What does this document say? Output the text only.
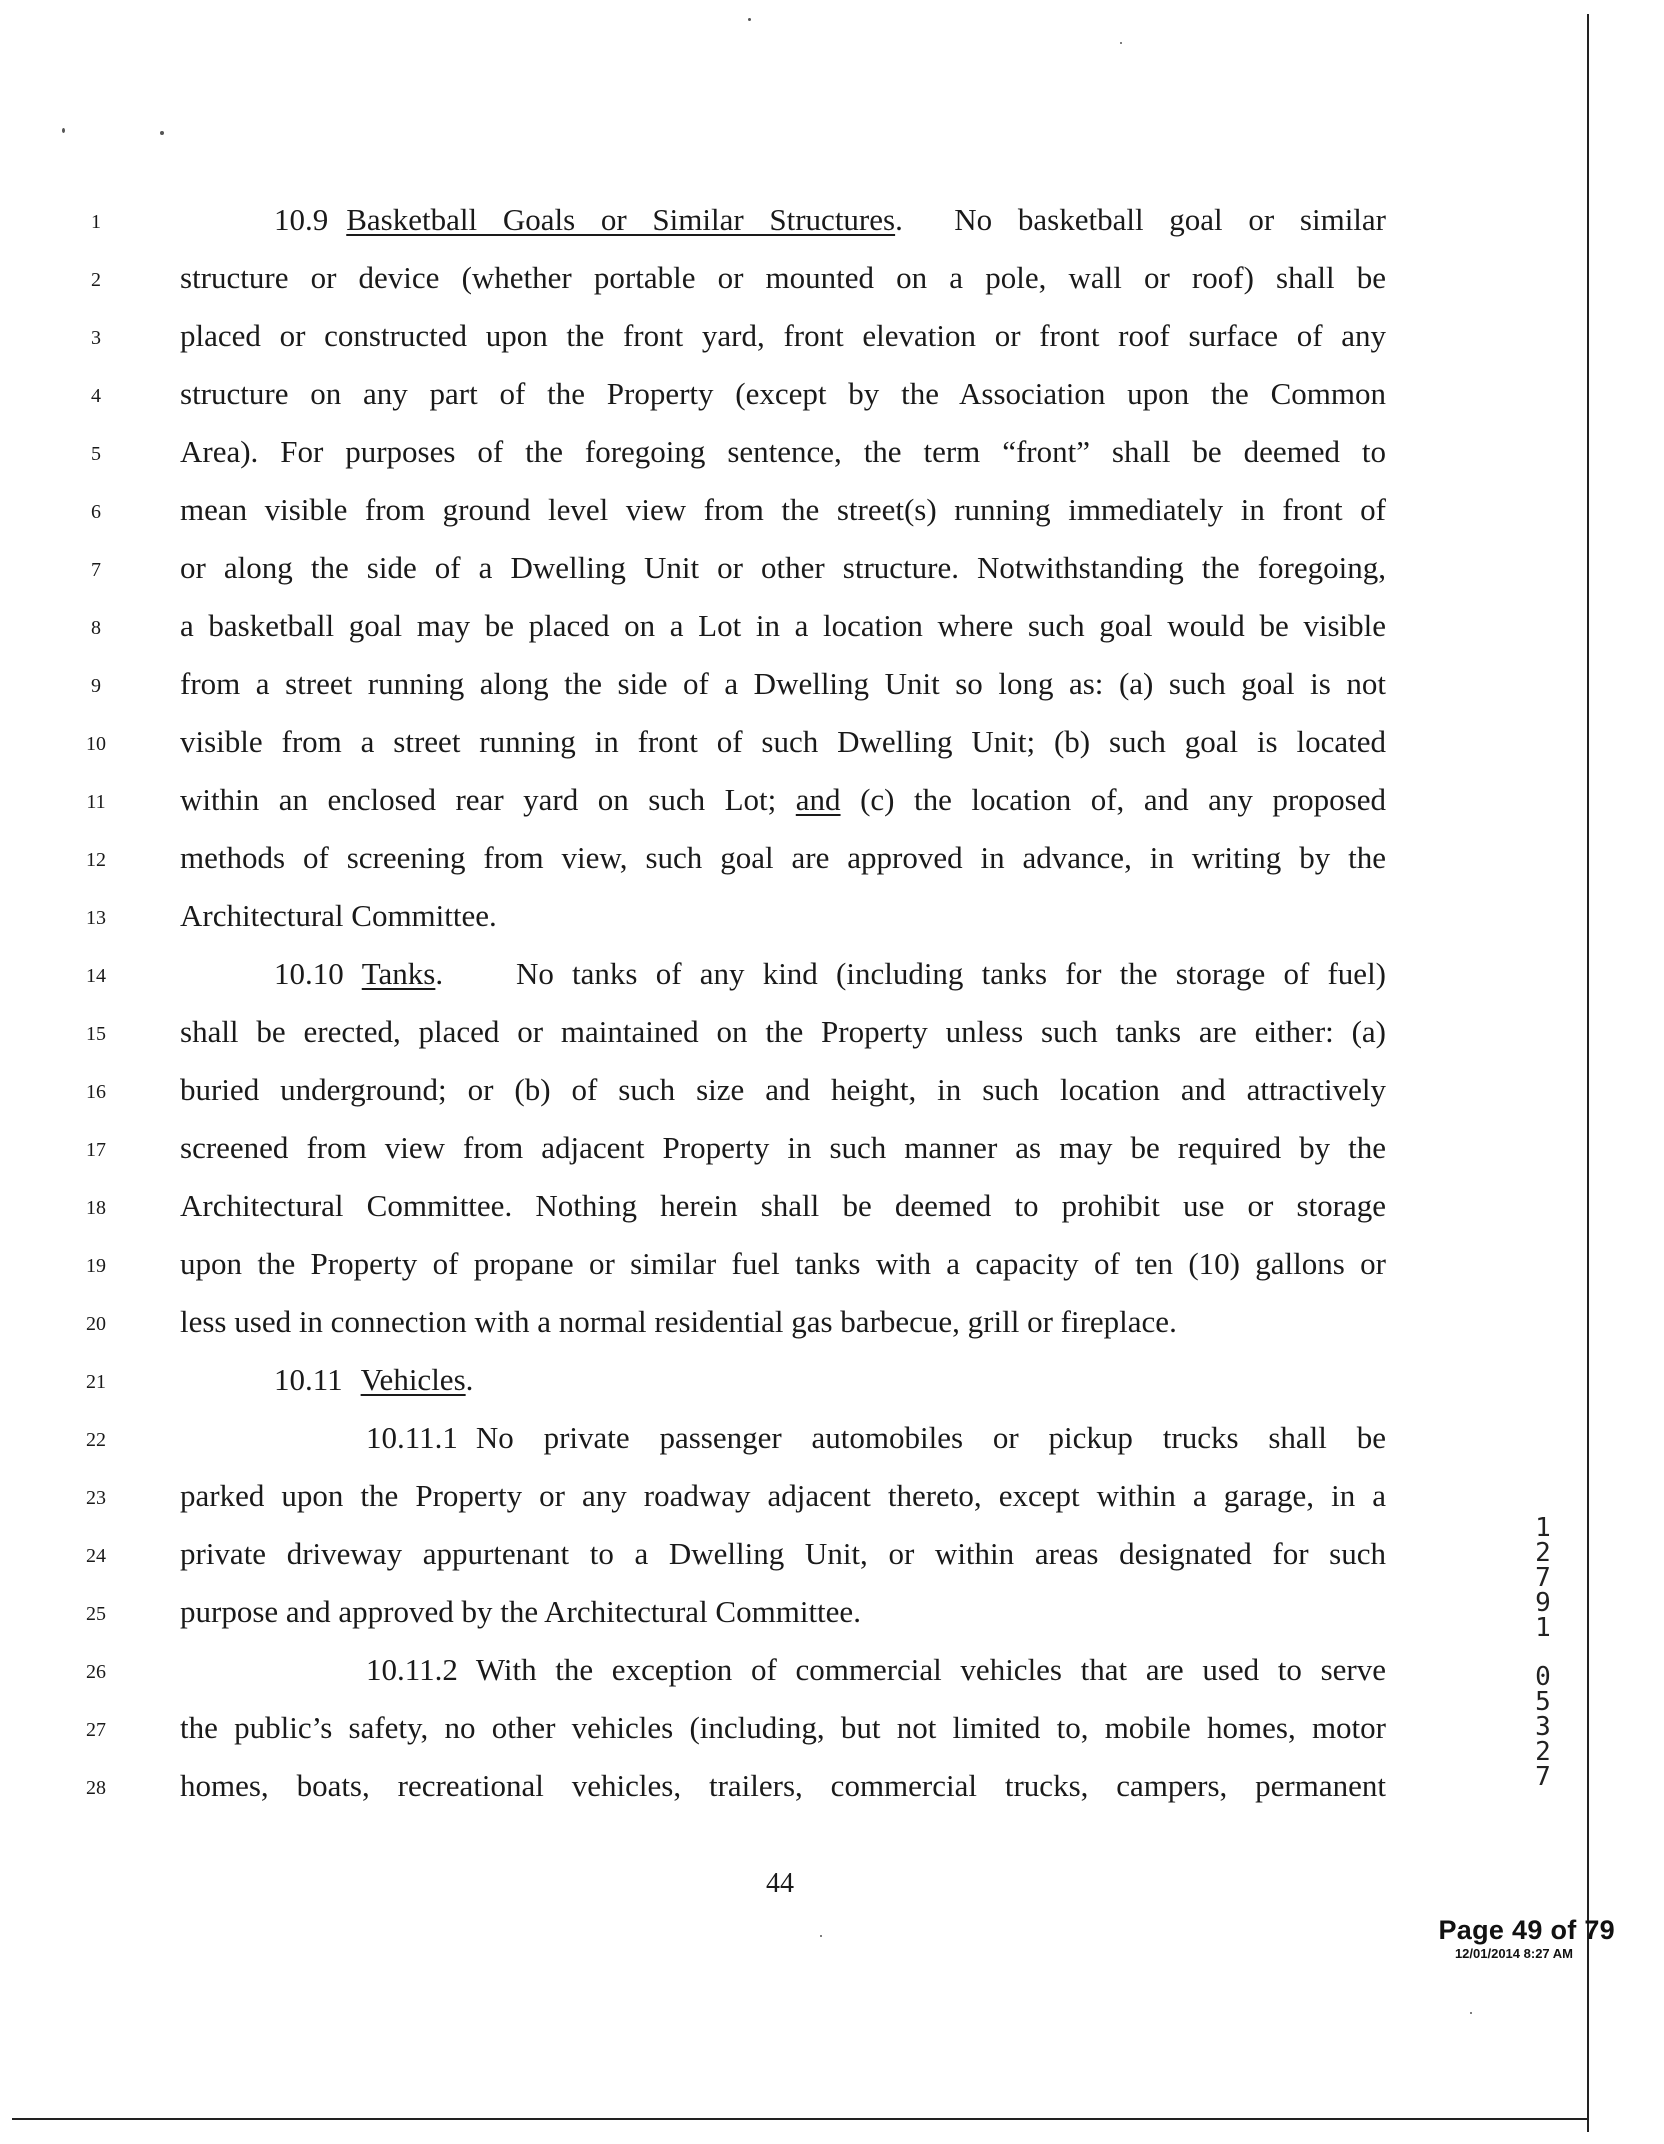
1
2
3
4
5
6
7
8
9
10
11
12
13
14
15
16
17
18
19
20
21
22
23
24
25
26
27
28
10.9 Basketball Goals or Similar Structures.  No basketball goal or similar
structure or device (whether portable or mounted on a pole, wall or roof) shall be
placed or constructed upon the front yard, front elevation or front roof surface of any
structure on any part of the Property (except by the Association upon the Common
Area). For purposes of the foregoing sentence, the term “front” shall be deemed to
mean visible from ground level view from the street(s) running immediately in front of
or along the side of a Dwelling Unit or other structure. Notwithstanding the foregoing,
a basketball goal may be placed on a Lot in a location where such goal would be visible
from a street running along the side of a Dwelling Unit so long as: (a) such goal is not
visible from a street running in front of such Dwelling Unit; (b) such goal is located
within an enclosed rear yard on such Lot; and (c) the location of, and any proposed
methods of screening from view, such goal are approved in advance, in writing by the
Architectural Committee.
10.10 Tanks.    No tanks of any kind (including tanks for the storage of fuel)
shall be erected, placed or maintained on the Property unless such tanks are either: (a)
buried underground; or (b) of such size and height, in such location and attractively
screened from view from adjacent Property in such manner as may be required by the
Architectural Committee. Nothing herein shall be deemed to prohibit use or storage
upon the Property of propane or similar fuel tanks with a capacity of ten (10) gallons or
less used in connection with a normal residential gas barbecue, grill or fireplace.
10.11 Vehicles.
10.11.1 No private passenger automobiles or pickup trucks shall be
parked upon the Property or any roadway adjacent thereto, except within a garage, in a
private driveway appurtenant to a Dwelling Unit, or within areas designated for such
purpose and approved by the Architectural Committee.
10.11.2 With the exception of commercial vehicles that are used to serve
the public’s safety, no other vehicles (including, but not limited to, mobile homes, motor
homes, boats, recreational vehicles, trailers, commercial trucks, campers, permanent
44
1
2
7
9
1
0
5
3
2
7
Page 49 of 79
12/01/2014 8:27 AM
